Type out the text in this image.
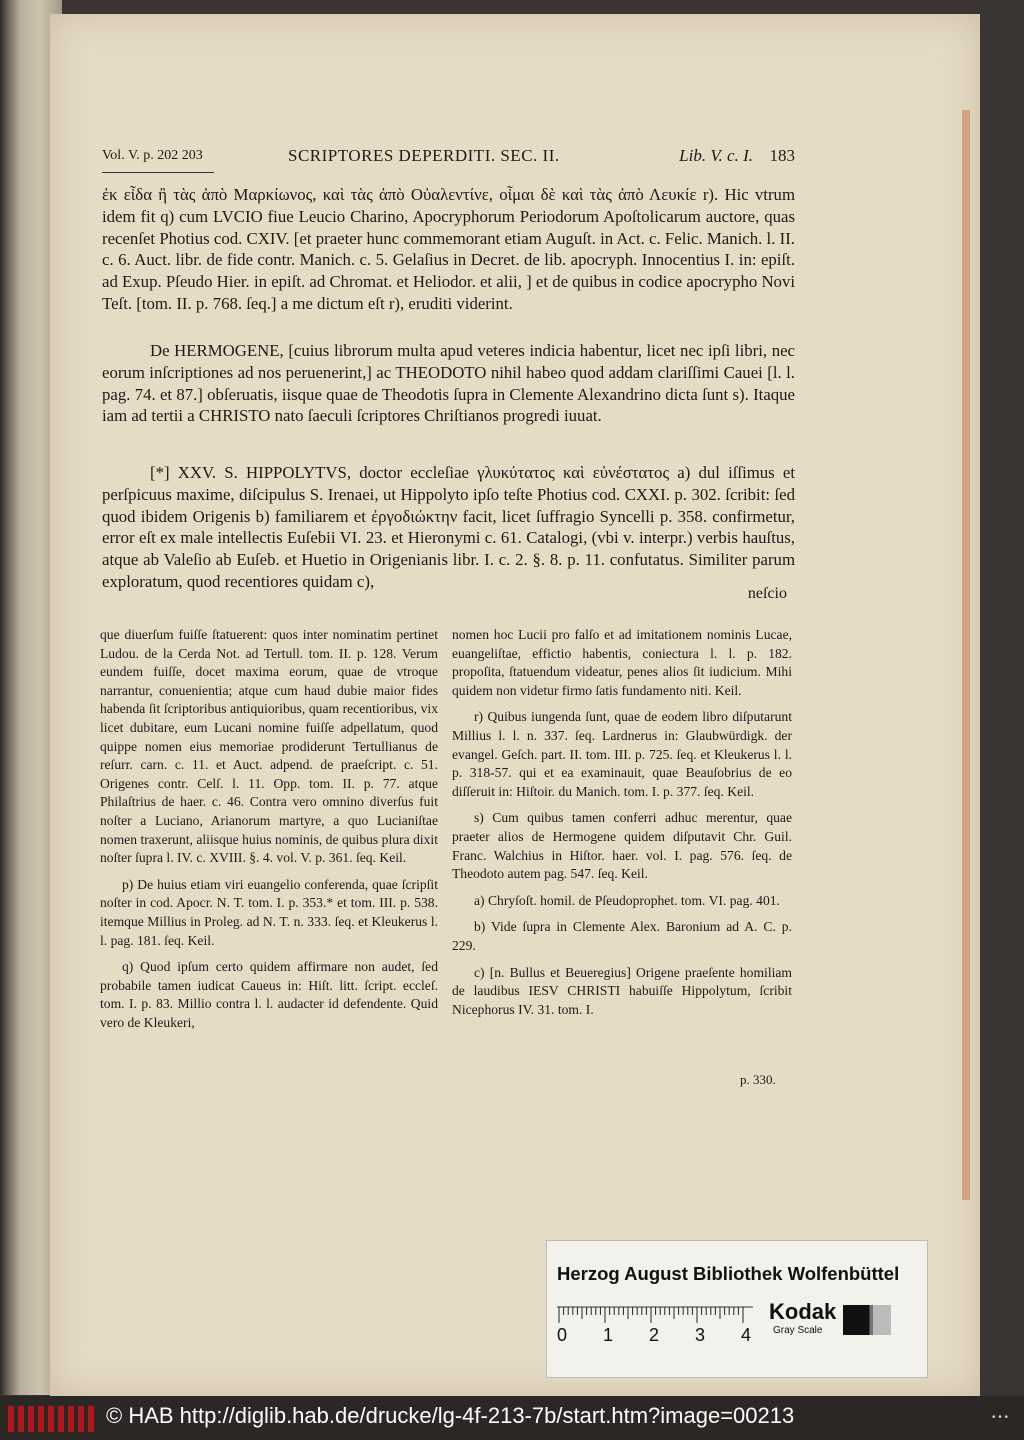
Vol. V. p. 202 203	SCRIPTORES DEPERDITI. SEC. II.	Lib. V. c. I. 183

ἐκ εἶδα ἢ τὰς ἀπὸ Μαρκίωνος, καὶ τὰς ἀπὸ Οὐαλεντίνε, οἶμαι δὲ καὶ τὰς ἀπὸ Λευκίε r). Hic vtrum idem fit q) cum LVCIO fiue Leucio Charino, Apocryphorum Periodorum Apoſtolicarum auctore, quas recenſet Photius cod. CXIV. [et praeter hunc commemorant etiam Auguſt. in Act. c. Felic. Manich. l. II. c. 6. Auct. libr. de fide contr. Manich. c. 5. Gelaſius in Decret. de lib. apocryph. Innocentius I. in: epiſt. ad Exup. Pſeudo Hier. in epiſt. ad Chromat. et Heliodor. et alii, ] et de quibus in codice apocrypho Novi Teſt. [tom. II. p. 768. ſeq.] a me dictum eſt r), eruditi viderint.

De HERMOGENE, [cuius librorum multa apud veteres indicia habentur, licet nec ipſi libri, nec eorum inſcriptiones ad nos peruenerint,] ac THEODOTO nihil habeo quod addam clariſſimi Cauei [l. l. pag. 74. et 87.] obſeruatis, iisque quae de Theodotis ſupra in Clemente Alexandrino dicta ſunt s). Itaque iam ad tertii a CHRISTO nato ſaeculi ſcriptores Chriſtianos progredi iuuat.

[*] XXV. S. HIPPOLYTVS, doctor eccleſiae γλυκύτατος καὶ εὐνέστατος a) dul iſſimus et perſpicuus maxime, diſcipulus S. Irenaei, ut Hippolyto ipſo teſte Photius cod. CXXI. p. 302. ſcribit: ſed quod ibidem Origenis b) familiarem et ἐργοδιώκτην facit, licet ſuffragio Syncelli p. 358. confirmetur, error eſt ex male intellectis Euſebii VI. 23. et Hieronymi c. 61. Catalogi, (vbi v. interpr.) verbis hauſtus, atque ab Valeſio ab Euſeb. et Huetio in Origenianis libr. I. c. 2. §. 8. p. 11. confutatus. Similiter parum exploratum, quod recentiores quidam c),

neſcio

que diuerſum fuiſſe ſtatuerent: quos inter nominatim pertinet Ludou. de la Cerda Not. ad Tertull. tom. II. p. 128. Verum eundem fuiſſe, docet maxima eorum, quae de vtroque narrantur, conuenientia; atque cum haud dubie maior fides habenda ſit ſcriptoribus antiquioribus, quam recentioribus, vix licet dubitare, eum Lucani nomine fuiſſe adpellatum, quod quippe nomen eius memoriae prodiderunt Tertullianus de reſurr. carn. c. 11. et Auct. adpend. de praeſcript. c. 51. Origenes contr. Celſ. l. 11. Opp. tom. II. p. 77. atque Philaſtrius de haer. c. 46. Contra vero omnino diverſus fuit noſter a Luciano, Arianorum martyre, a quo Lucianiſtae nomen traxerunt, aliisque huius nominis, de quibus plura dixit noſter ſupra l. IV. c. XVIII. §. 4. vol. V. p. 361. ſeq. Keil.

p) De huius etiam viri euangelio conferenda, quae ſcripſit noſter in cod. Apocr. N. T. tom. I. p. 353.* et tom. III. p. 538. itemque Millius in Proleg. ad N. T. n. 333. ſeq. et Kleukerus l. l. pag. 181. ſeq. Keil.

q) Quod ipſum certo quidem affirmare non audet, ſed probabile tamen iudicat Caueus in: Hiſt. litt. ſcript. eccleſ. tom. I. p. 83. Millio contra l. l. audacter id defendente. Quid vero de Kleukeri,

nomen hoc Lucii pro falſo et ad imitationem nominis Lucae, euangeliſtae, effictio habentis, coniectura l. l. p. 182. propoſita, ſtatuendum videatur, penes alios ſit iudicium. Mihi quidem non videtur firmo ſatis fundamento niti. Keil.

r) Quibus iungenda ſunt, quae de eodem libro diſputarunt Millius l. l. n. 337. ſeq. Lardnerus in: Glaubwürdigk. der evangel. Geſch. part. II. tom. III. p. 725. ſeq. et Kleukerus l. l. p. 318-57. qui et ea examinauit, quae Beauſobrius de eo diſſeruit in: Hiſtoir. du Manich. tom. I. p. 377. ſeq. Keil.

s) Cum quibus tamen conferri adhuc merentur, quae praeter alios de Hermogene quidem diſputavit Chr. Guil. Franc. Walchius in Hiſtor. haer. vol. I. pag. 576. ſeq. de Theodoto autem pag. 547. ſeq. Keil.

a) Chryſoſt. homil. de Pſeudoprophet. tom. VI. pag. 401.

b) Vide ſupra in Clemente Alex. Baronium ad A. C. p. 229.

c) [n. Bullus et Beueregius] Origene praeſente homiliam de laudibus IESV CHRISTI habuiſſe Hippolytum, ſcribit Nicephorus IV. 31. tom. I.

p. 330.
Herzog August Bibliothek Wolfenbüttel
0 1 2 3 4
Kodak
Gray Scale
© HAB http://diglib.hab.de/drucke/lg-4f-213-7b/start.htm?image=00213	• • •
